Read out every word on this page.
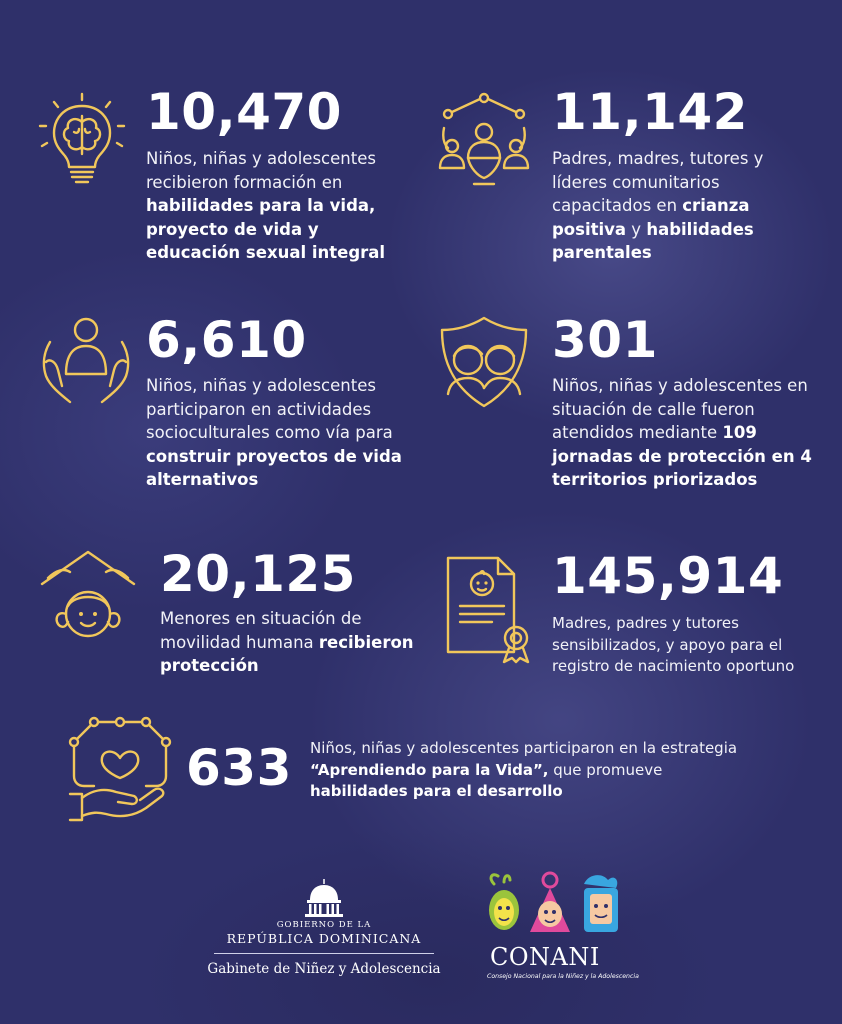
10,470
Niños, niñas y adolescentes recibieron formación en habilidades para la vida, proyecto de vida y educación sexual integral
11,142
Padres, madres, tutores y líderes comunitarios capacitados en crianza positiva y habilidades parentales
6,610
Niños, niñas y adolescentes participaron en actividades socioculturales como vía para construir proyectos de vida alternativos
301
Niños, niñas y adolescentes en situación de calle fueron atendidos mediante 109 jornadas de protección en 4 territorios priorizados
20,125
Menores en situación de movilidad humana recibieron protección
145,914
Madres, padres y tutores sensibilizados, y apoyo para el registro de nacimiento oportuno
633 Niños, niñas y adolescentes participaron en la estrategia “Aprendiendo para la Vida”, que promueve habilidades para el desarrollo
GOBIERNO DE LA
REPÚBLICA DOMINICANA
Gabinete de Niñez y Adolescencia	CONANI
Consejo Nacional para la Niñez y la Adolescencia
